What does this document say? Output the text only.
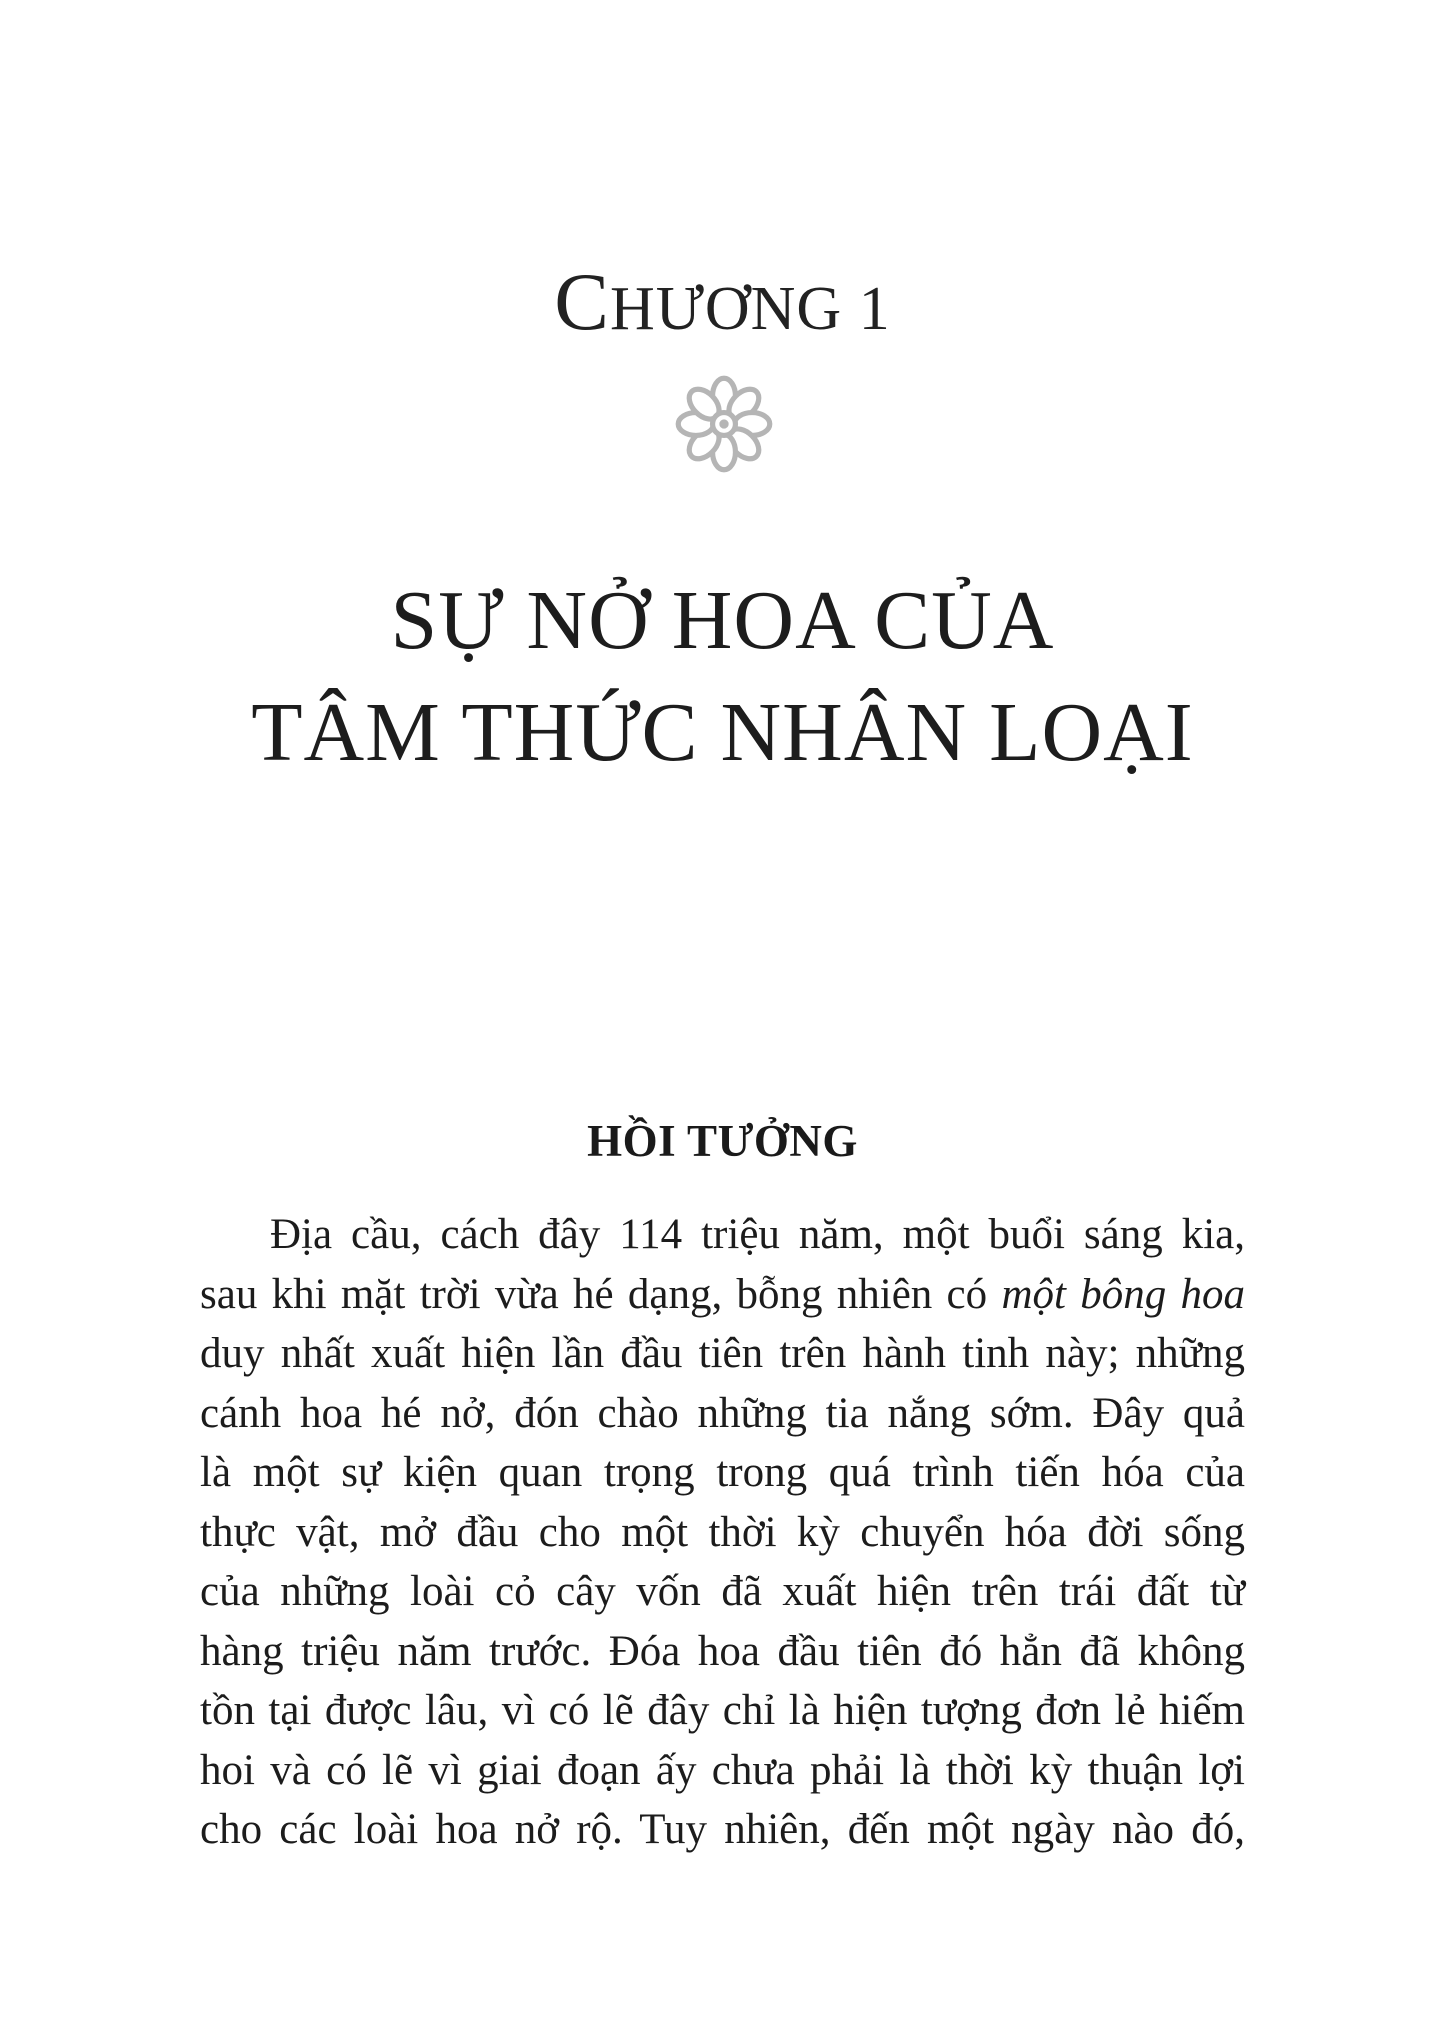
CHƯƠNG 1
SỰ NỞ HOA CỦA
TÂM THỨC NHÂN LOẠI
HỒI TƯỞNG
Địa cầu, cách đây 114 triệu năm, một buổi sáng kia,
sau khi mặt trời vừa hé dạng, bỗng nhiên có một bông hoa
duy nhất xuất hiện lần đầu tiên trên hành tinh này; những
cánh hoa hé nở, đón chào những tia nắng sớm. Đây quả
là một sự kiện quan trọng trong quá trình tiến hóa của
thực vật, mở đầu cho một thời kỳ chuyển hóa đời sống
của những loài cỏ cây vốn đã xuất hiện trên trái đất từ
hàng triệu năm trước. Đóa hoa đầu tiên đó hẳn đã không
tồn tại được lâu, vì có lẽ đây chỉ là hiện tượng đơn lẻ hiếm
hoi và có lẽ vì giai đoạn ấy chưa phải là thời kỳ thuận lợi
cho các loài hoa nở rộ. Tuy nhiên, đến một ngày nào đó,
